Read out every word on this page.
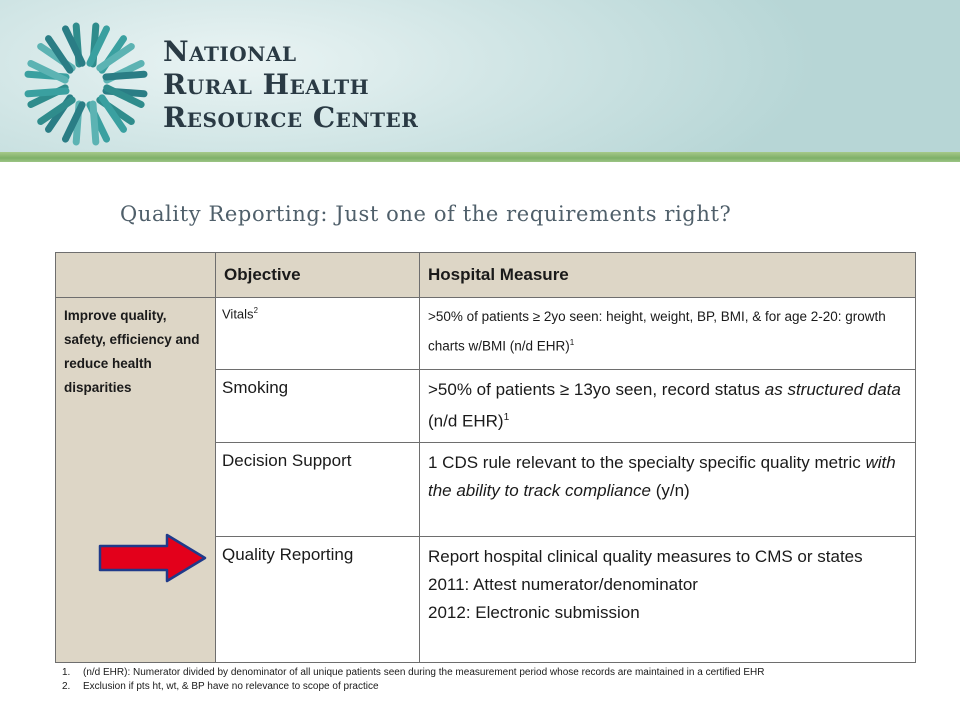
National
Rural Health
Resource Center
Quality Reporting: Just one of the requirements right?
	Objective	Hospital Measure
Improve quality, safety, efficiency and reduce health disparities	Vitals$^2$	>50% of patients ≥ 2yo seen: height, weight, BP, BMI, & for age 2-20: growth charts w/BMI (n/d EHR)$^1$
	Smoking	>50% of patients ≥ 13yo seen, record status as structured data (n/d EHR)$^1$
	Decision Support	1 CDS rule relevant to the specialty specific quality metric with the ability to track compliance (y/n)
	Quality Reporting	Report hospital clinical quality measures to CMS or states
2011: Attest numerator/denominator
2012: Electronic submission
1.	(n/d EHR): Numerator divided by denominator of all unique patients seen during the measurement period whose records are maintained in a certified EHR
2.	Exclusion if pts ht, wt, & BP have no relevance to scope of practice
